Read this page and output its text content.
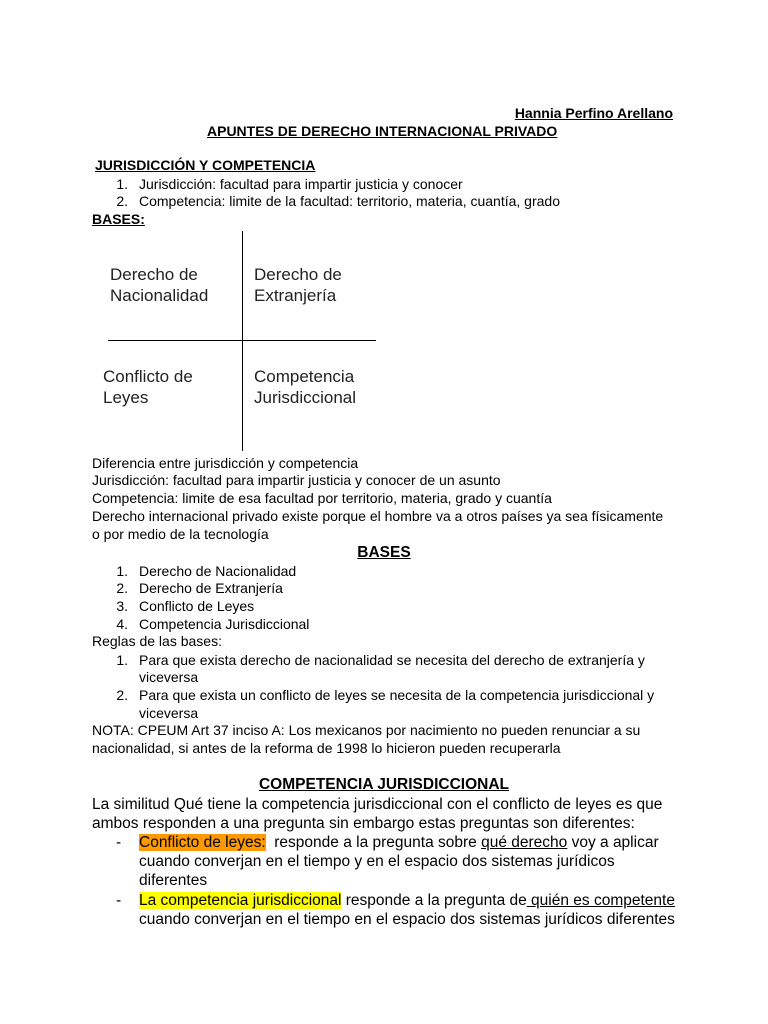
Hannia Perfino Arellano
APUNTES DE DERECHO INTERNACIONAL PRIVADO
JURISDICCIÓN Y COMPETENCIA
1. Jurisdicción: facultad para impartir justicia y conocer
2. Competencia: limite de la facultad: territorio, materia, cuantía, grado
BASES:
Derecho de
Nacionalidad
Derecho de
Extranjería
Conflicto de
Leyes
Competencia
Jurisdiccional
Diferencia entre jurisdicción y competencia
Jurisdicción: facultad para impartir justicia y conocer de un asunto
Competencia: limite de esa facultad por territorio, materia, grado y cuantía
Derecho internacional privado existe porque el hombre va a otros países ya sea físicamente
o por medio de la tecnología
BASES
1. Derecho de Nacionalidad
2. Derecho de Extranjería
3. Conflicto de Leyes
4. Competencia Jurisdiccional
Reglas de las bases:
1. Para que exista derecho de nacionalidad se necesita del derecho de extranjería y
viceversa
2. Para que exista un conflicto de leyes se necesita de la competencia jurisdiccional y
viceversa
NOTA: CPEUM Art 37 inciso A: Los mexicanos por nacimiento no pueden renunciar a su
nacionalidad, si antes de la reforma de 1998 lo hicieron pueden recuperarla
COMPETENCIA JURISDICCIONAL
La similitud Qué tiene la competencia jurisdiccional con el conflicto de leyes es que
ambos responden a una pregunta sin embargo estas preguntas son diferentes:
- Conflicto de leyes:  responde a la pregunta sobre qué derecho voy a aplicar
cuando converjan en el tiempo y en el espacio dos sistemas jurídicos
diferentes
- La competencia jurisdiccional responde a la pregunta de quién es competente
cuando converjan en el tiempo en el espacio dos sistemas jurídicos diferentes
